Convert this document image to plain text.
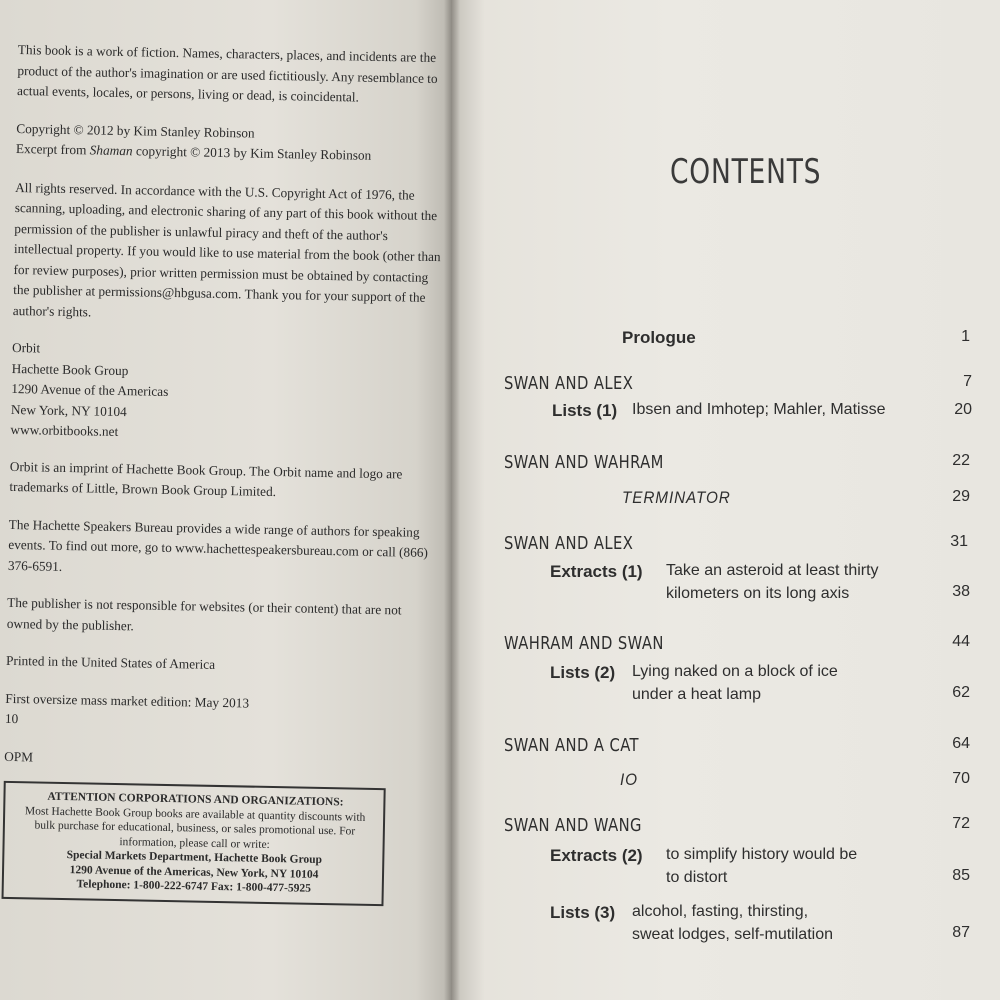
This book is a work of fiction. Names, characters, places, and incidents are the product of the author's imagination or are used fictitiously. Any resemblance to actual events, locales, or persons, living or dead, is coincidental.

Copyright © 2012 by Kim Stanley Robinson
Excerpt from Shaman copyright © 2013 by Kim Stanley Robinson

All rights reserved. In accordance with the U.S. Copyright Act of 1976, the scanning, uploading, and electronic sharing of any part of this book without the permission of the publisher is unlawful piracy and theft of the author's intellectual property. If you would like to use material from the book (other than for review purposes), prior written permission must be obtained by contacting the publisher at permissions@hbgusa.com. Thank you for your support of the author's rights.

Orbit
Hachette Book Group
1290 Avenue of the Americas
New York, NY 10104
www.orbitbooks.net

Orbit is an imprint of Hachette Book Group. The Orbit name and logo are trademarks of Little, Brown Book Group Limited.

The Hachette Speakers Bureau provides a wide range of authors for speaking events. To find out more, go to www.hachettespeakersbureau.com or call (866) 376-6591.

The publisher is not responsible for websites (or their content) that are not owned by the publisher.

Printed in the United States of America

First oversize mass market edition: May 2013
10

OPM

ATTENTION CORPORATIONS AND ORGANIZATIONS:
Most Hachette Book Group books are available at quantity discounts with bulk purchase for educational, business, or sales promotional use. For information, please call or write:
Special Markets Department, Hachette Book Group
1290 Avenue of the Americas, New York, NY 10104
Telephone: 1-800-222-6747 Fax: 1-800-477-5925
CONTENTS
Prologue	1
SWAN AND ALEX	7
Lists (1) Ibsen and Imhotep; Mahler, Matisse	20
SWAN AND WAHRAM	22
TERMINATOR	29
SWAN AND ALEX	31
Extracts (1) Take an asteroid at least thirty
kilometers on its long axis	38
WAHRAM AND SWAN	44
Lists (2) Lying naked on a block of ice
under a heat lamp	62
SWAN AND A CAT	64
IO	70
SWAN AND WANG	72
Extracts (2) to simplify history would be
to distort	85
Lists (3) alcohol, fasting, thirsting,
sweat lodges, self-mutilation	87
